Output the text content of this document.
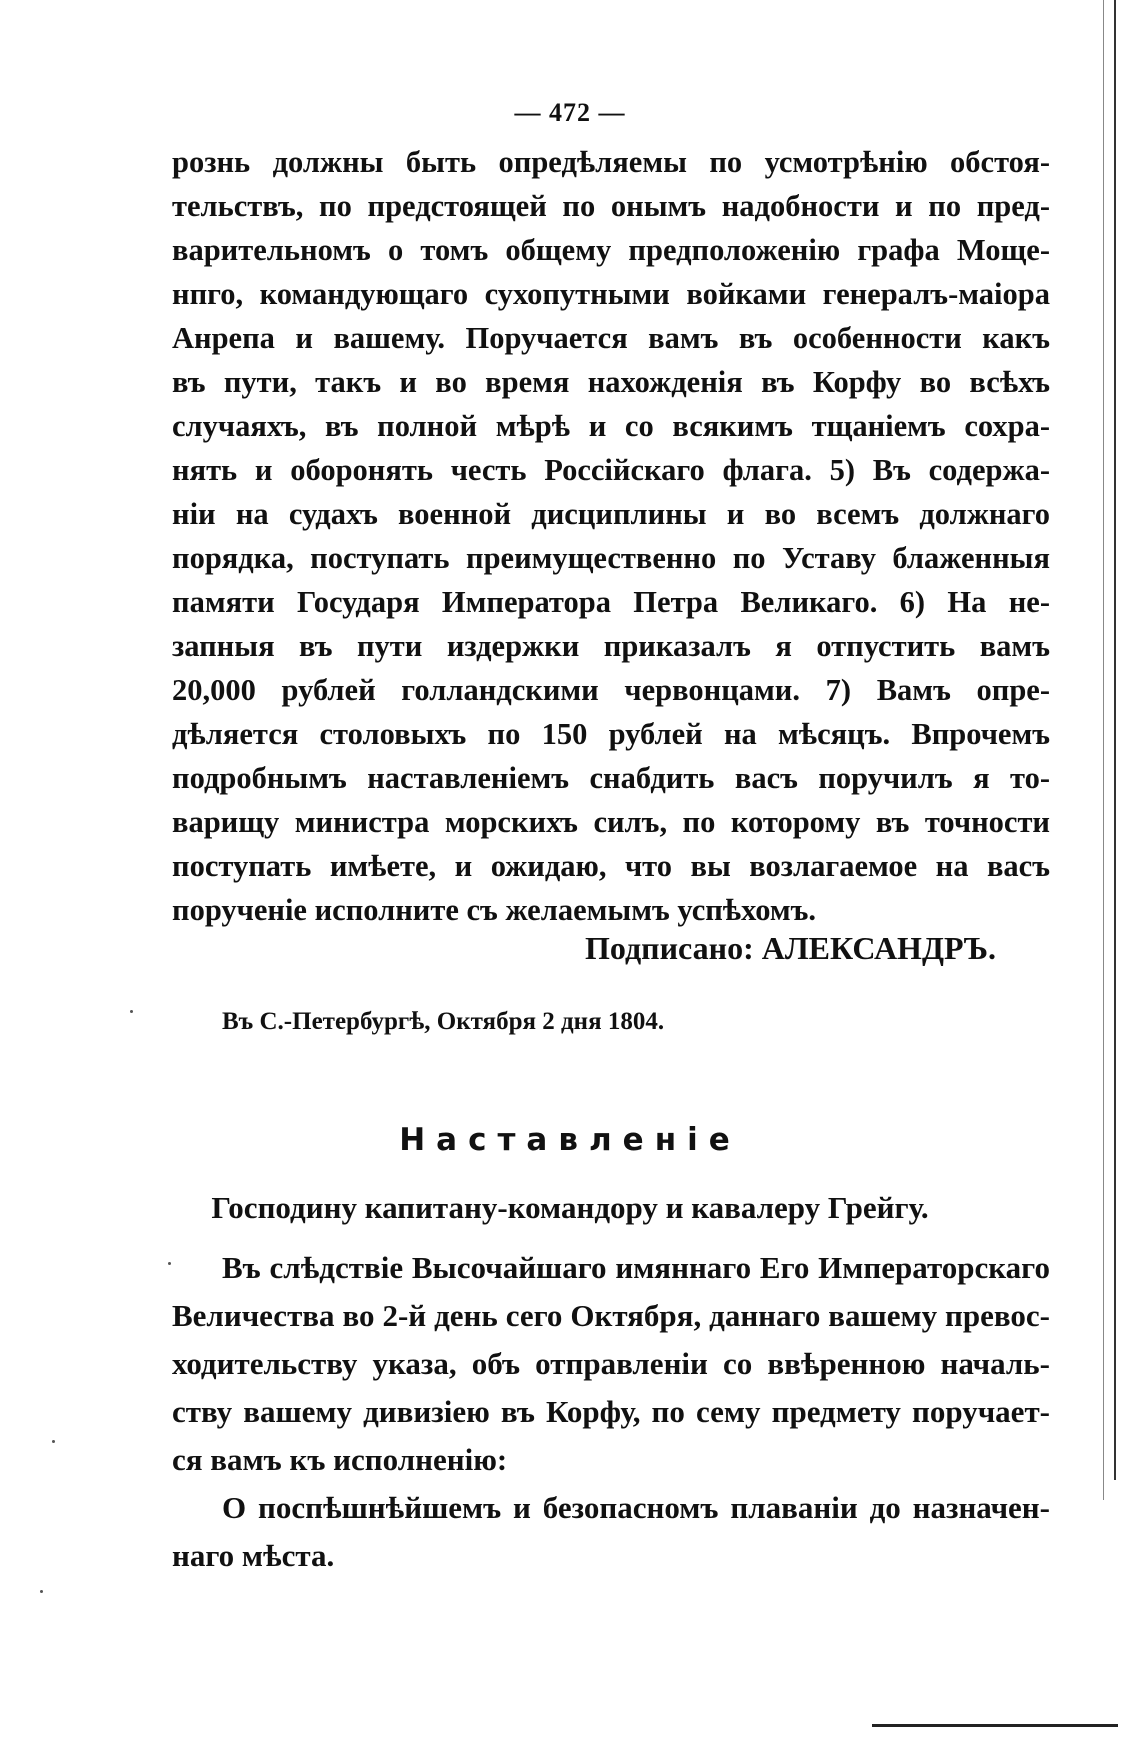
— 472 —
рознь должны быть опредѣляемы по усмотрѣнію обстоя-
тельствъ, по предстоящей по онымъ надобности и по пред-
варительномъ о томъ общему предположенію графа Моще-
нпго, командующаго сухопутными войками генералъ-маіора
Анрепа и вашему. Поручается вамъ въ особенности какъ
въ пути, такъ и во время нахожденія въ Корфу во всѣхъ
случаяхъ, въ полной мѣрѣ и со всякимъ тщаніемъ сохра-
нять и оборонять честь Россійскаго флага. 5) Въ содержа-
ніи на судахъ военной дисциплины и во всемъ должнаго
порядка, поступать преимущественно по Уставу блаженныя
памяти Государя Императора Петра Великаго. 6) На не-
запныя въ пути издержки приказалъ я отпустить вамъ
20,000 рублей голландскими червонцами. 7) Вамъ опре-
дѣляется столовыхъ по 150 рублей на мѣсяцъ. Впрочемъ
подробнымъ наставленіемъ снабдить васъ поручилъ я то-
варищу министра морскихъ силъ, по которому въ точности
поступать имѣете, и ожидаю, что вы возлагаемое на васъ
порученіе исполните съ желаемымъ успѣхомъ.
Подписано: АЛЕКСАНДРЪ.
Въ С.-Петербургѣ, Октября 2 дня 1804.
Наставленіе
Господину капитану-командору и кавалеру Грейгу.
Въ слѣдствіе Высочайшаго имяннаго Его Императорскаго
Величества во 2-й день сего Октября, даннаго вашему превос-
ходительству указа, объ отправленіи со ввѣренною началь-
ству вашему дивизіею въ Корфу, по сему предмету поручает-
ся вамъ къ исполненію:
О поспѣшнѣйшемъ и безопасномъ плаваніи до назначен-
наго мѣста.
